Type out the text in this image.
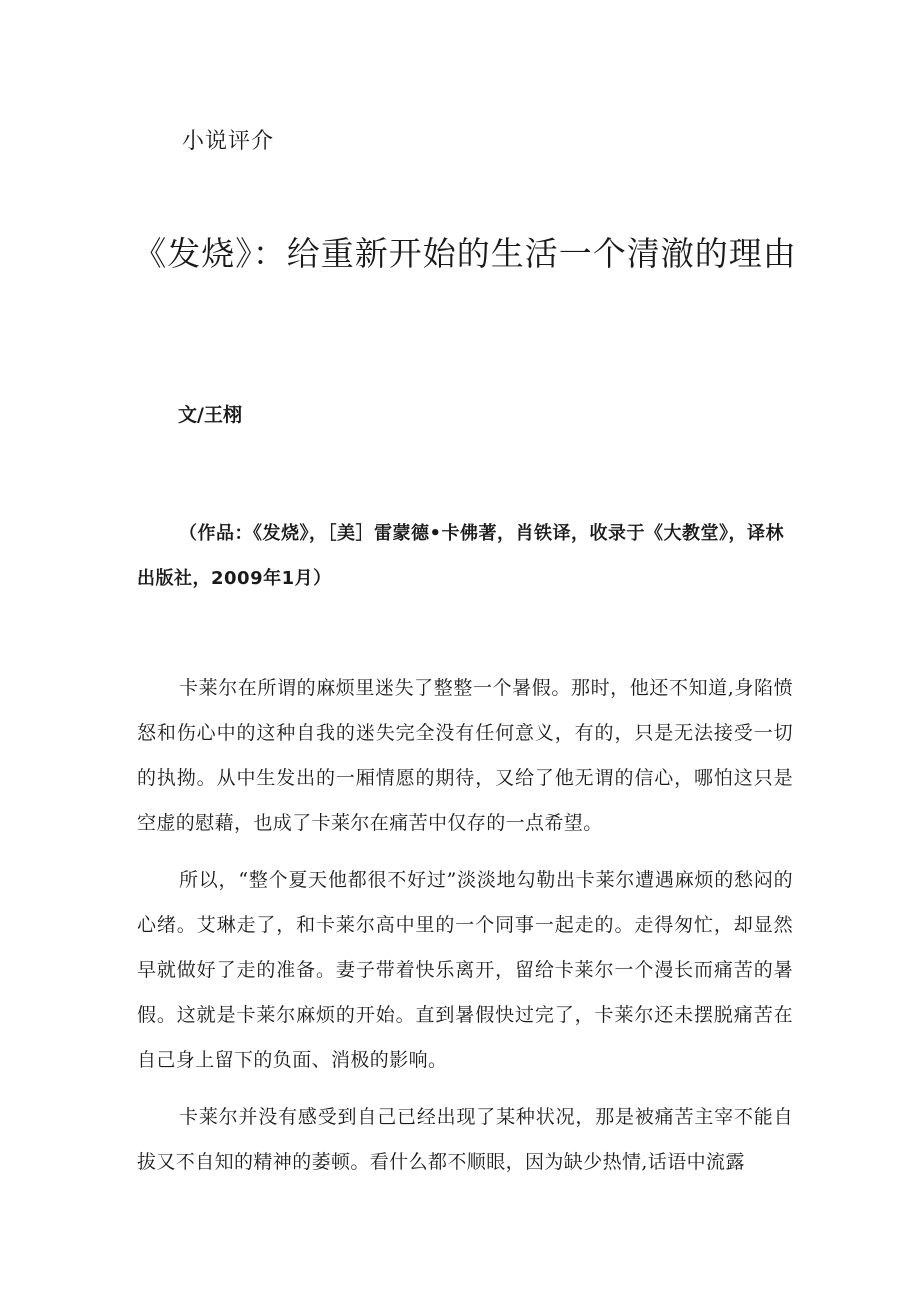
小说评介
《发烧》：给重新开始的生活一个清澈的理由
文/王栩
（作品：《发烧》，［美］雷蒙德•卡佛著，肖铁译，收录于《大教堂》，译林出版社，2009年1月）

卡莱尔在所谓的麻烦里迷失了整整一个暑假。那时，他还不知道,身陷愤怒和伤心中的这种自我的迷失完全没有任何意义，有的，只是无法接受一切的执拗。从中生发出的一厢情愿的期待，又给了他无谓的信心，哪怕这只是空虚的慰藉，也成了卡莱尔在痛苦中仅存的一点希望。

所以，“整个夏天他都很不好过”淡淡地勾勒出卡莱尔遭遇麻烦的愁闷的心绪。艾琳走了，和卡莱尔高中里的一个同事一起走的。走得匆忙，却显然早就做好了走的准备。妻子带着快乐离开，留给卡莱尔一个漫长而痛苦的暑假。这就是卡莱尔麻烦的开始。直到暑假快过完了，卡莱尔还未摆脱痛苦在自己身上留下的负面、消极的影响。

卡莱尔并没有感受到自己已经出现了某种状况，那是被痛苦主宰不能自拔又不自知的精神的萎顿。看什么都不顺眼，因为缺少热情,话语中流露
